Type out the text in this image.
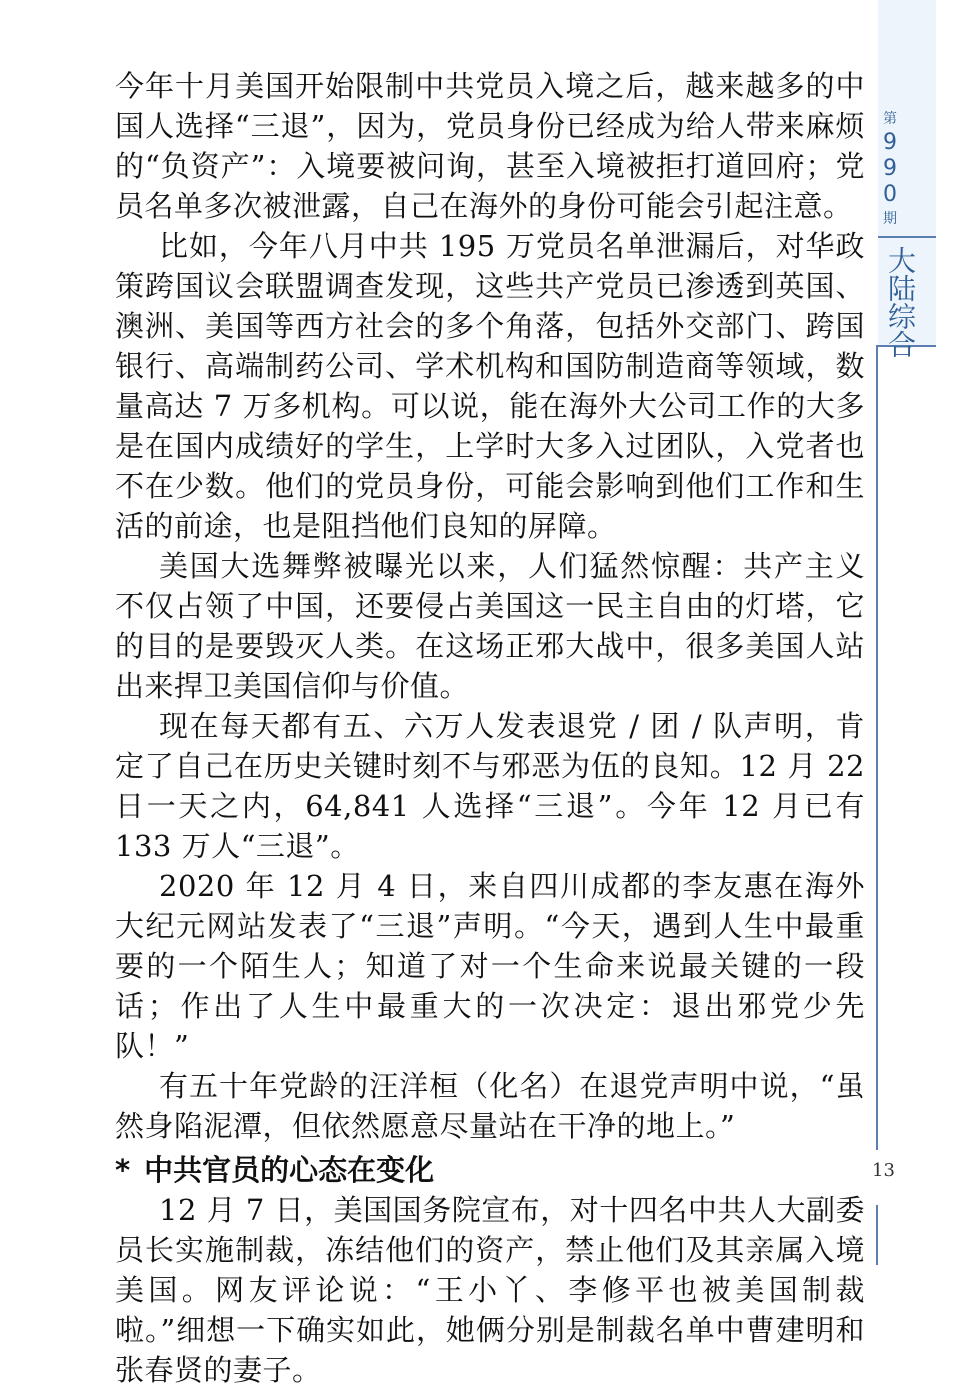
第
9
9
0
期
大陆综合

今年十月美国开始限制中共党员入境之后，越来越多的中国人选择“三退”，因为，党员身份已经成为给人带来麻烦的“负资产”：入境要被问询，甚至入境被拒打道回府；党员名单多次被泄露，自己在海外的身份可能会引起注意。

比如，今年八月中共 195 万党员名单泄漏后，对华政策跨国议会联盟调查发现，这些共产党员已渗透到英国、澳洲、美国等西方社会的多个角落，包括外交部门、跨国银行、高端制药公司、学术机构和国防制造商等领域，数量高达 7 万多机构。可以说，能在海外大公司工作的大多是在国内成绩好的学生，上学时大多入过团队，入党者也不在少数。他们的党员身份，可能会影响到他们工作和生活的前途，也是阻挡他们良知的屏障。

美国大选舞弊被曝光以来，人们猛然惊醒：共产主义不仅占领了中国，还要侵占美国这一民主自由的灯塔，它的目的是要毁灭人类。在这场正邪大战中，很多美国人站出来捍卫美国信仰与价值。

现在每天都有五、六万人发表退党 / 团 / 队声明，肯定了自己在历史关键时刻不与邪恶为伍的良知。12 月 22 日一天之内，64,841 人选择“三退”。今年 12 月已有 133 万人“三退”。

2020 年 12 月 4 日，来自四川成都的李友惠在海外大纪元网站发表了“三退”声明。“今天，遇到人生中最重要的一个陌生人；知道了对一个生命来说最关键的一段话；作出了人生中最重大的一次决定：退出邪党少先队！”

有五十年党龄的汪洋桓（化名）在退党声明中说，“虽然身陷泥潭，但依然愿意尽量站在干净的地上。”

* 中共官员的心态在变化

12 月 7 日，美国国务院宣布，对十四名中共人大副委员长实施制裁，冻结他们的资产，禁止他们及其亲属入境美国。网友评论说：“王小丫、李修平也被美国制裁啦。”细想一下确实如此，她俩分别是制裁名单中曹建明和张春贤的妻子。

13
